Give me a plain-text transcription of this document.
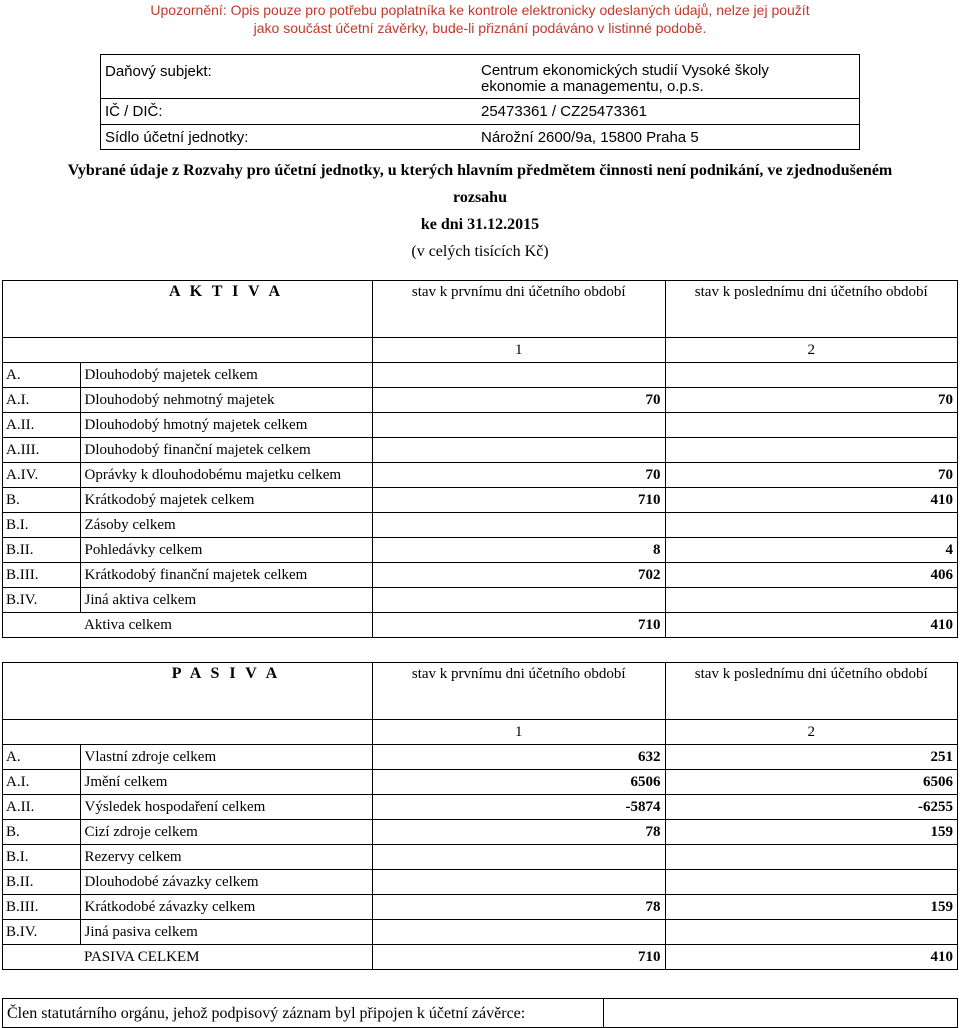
Upozornění: Opis pouze pro potřebu poplatníka ke kontrole elektronicky odeslaných údajů, nelze jej použít
jako součást účetní závěrky, bude-li přiznání podáváno v listinné podobě.
Daňový subjekt:	Centrum ekonomických studií Vysoké školy
ekonomie a managementu, o.p.s.
IČ / DIČ:	25473361 / CZ25473361
Sídlo účetní jednotky:	Nárožní 2600/9a, 15800 Praha 5
Vybrané údaje z Rozvahy pro účetní jednotky, u kterých hlavním předmětem činnosti není podnikání, ve zjednodušeném
rozsahu
ke dni 31.12.2015
(v celých tisících Kč)
	A K T I V A	stav k prvnímu dni účetního období	stav k poslednímu dni účetního období
		1	2
A.	Dlouhodobý majetek celkem		
A.I.	Dlouhodobý nehmotný majetek	70	70
A.II.	Dlouhodobý hmotný majetek celkem		
A.III.	Dlouhodobý finanční majetek celkem		
A.IV.	Oprávky k dlouhodobému majetku celkem	70	70
B.	Krátkodobý majetek celkem	710	410
B.I.	Zásoby celkem		
B.II.	Pohledávky celkem	8	4
B.III.	Krátkodobý finanční majetek celkem	702	406
B.IV.	Jiná aktiva celkem		
	Aktiva celkem	710	410
	P A S I V A	stav k prvnímu dni účetního období	stav k poslednímu dni účetního období
		1	2
A.	Vlastní zdroje celkem	632	251
A.I.	Jmění celkem	6506	6506
A.II.	Výsledek hospodaření celkem	-5874	-6255
B.	Cizí zdroje celkem	78	159
B.I.	Rezervy celkem		
B.II.	Dlouhodobé závazky celkem		
B.III.	Krátkodobé závazky celkem	78	159
B.IV.	Jiná pasiva celkem		
	PASIVA CELKEM	710	410
Člen statutárního orgánu, jehož podpisový záznam byl připojen k účetní závěrce:
